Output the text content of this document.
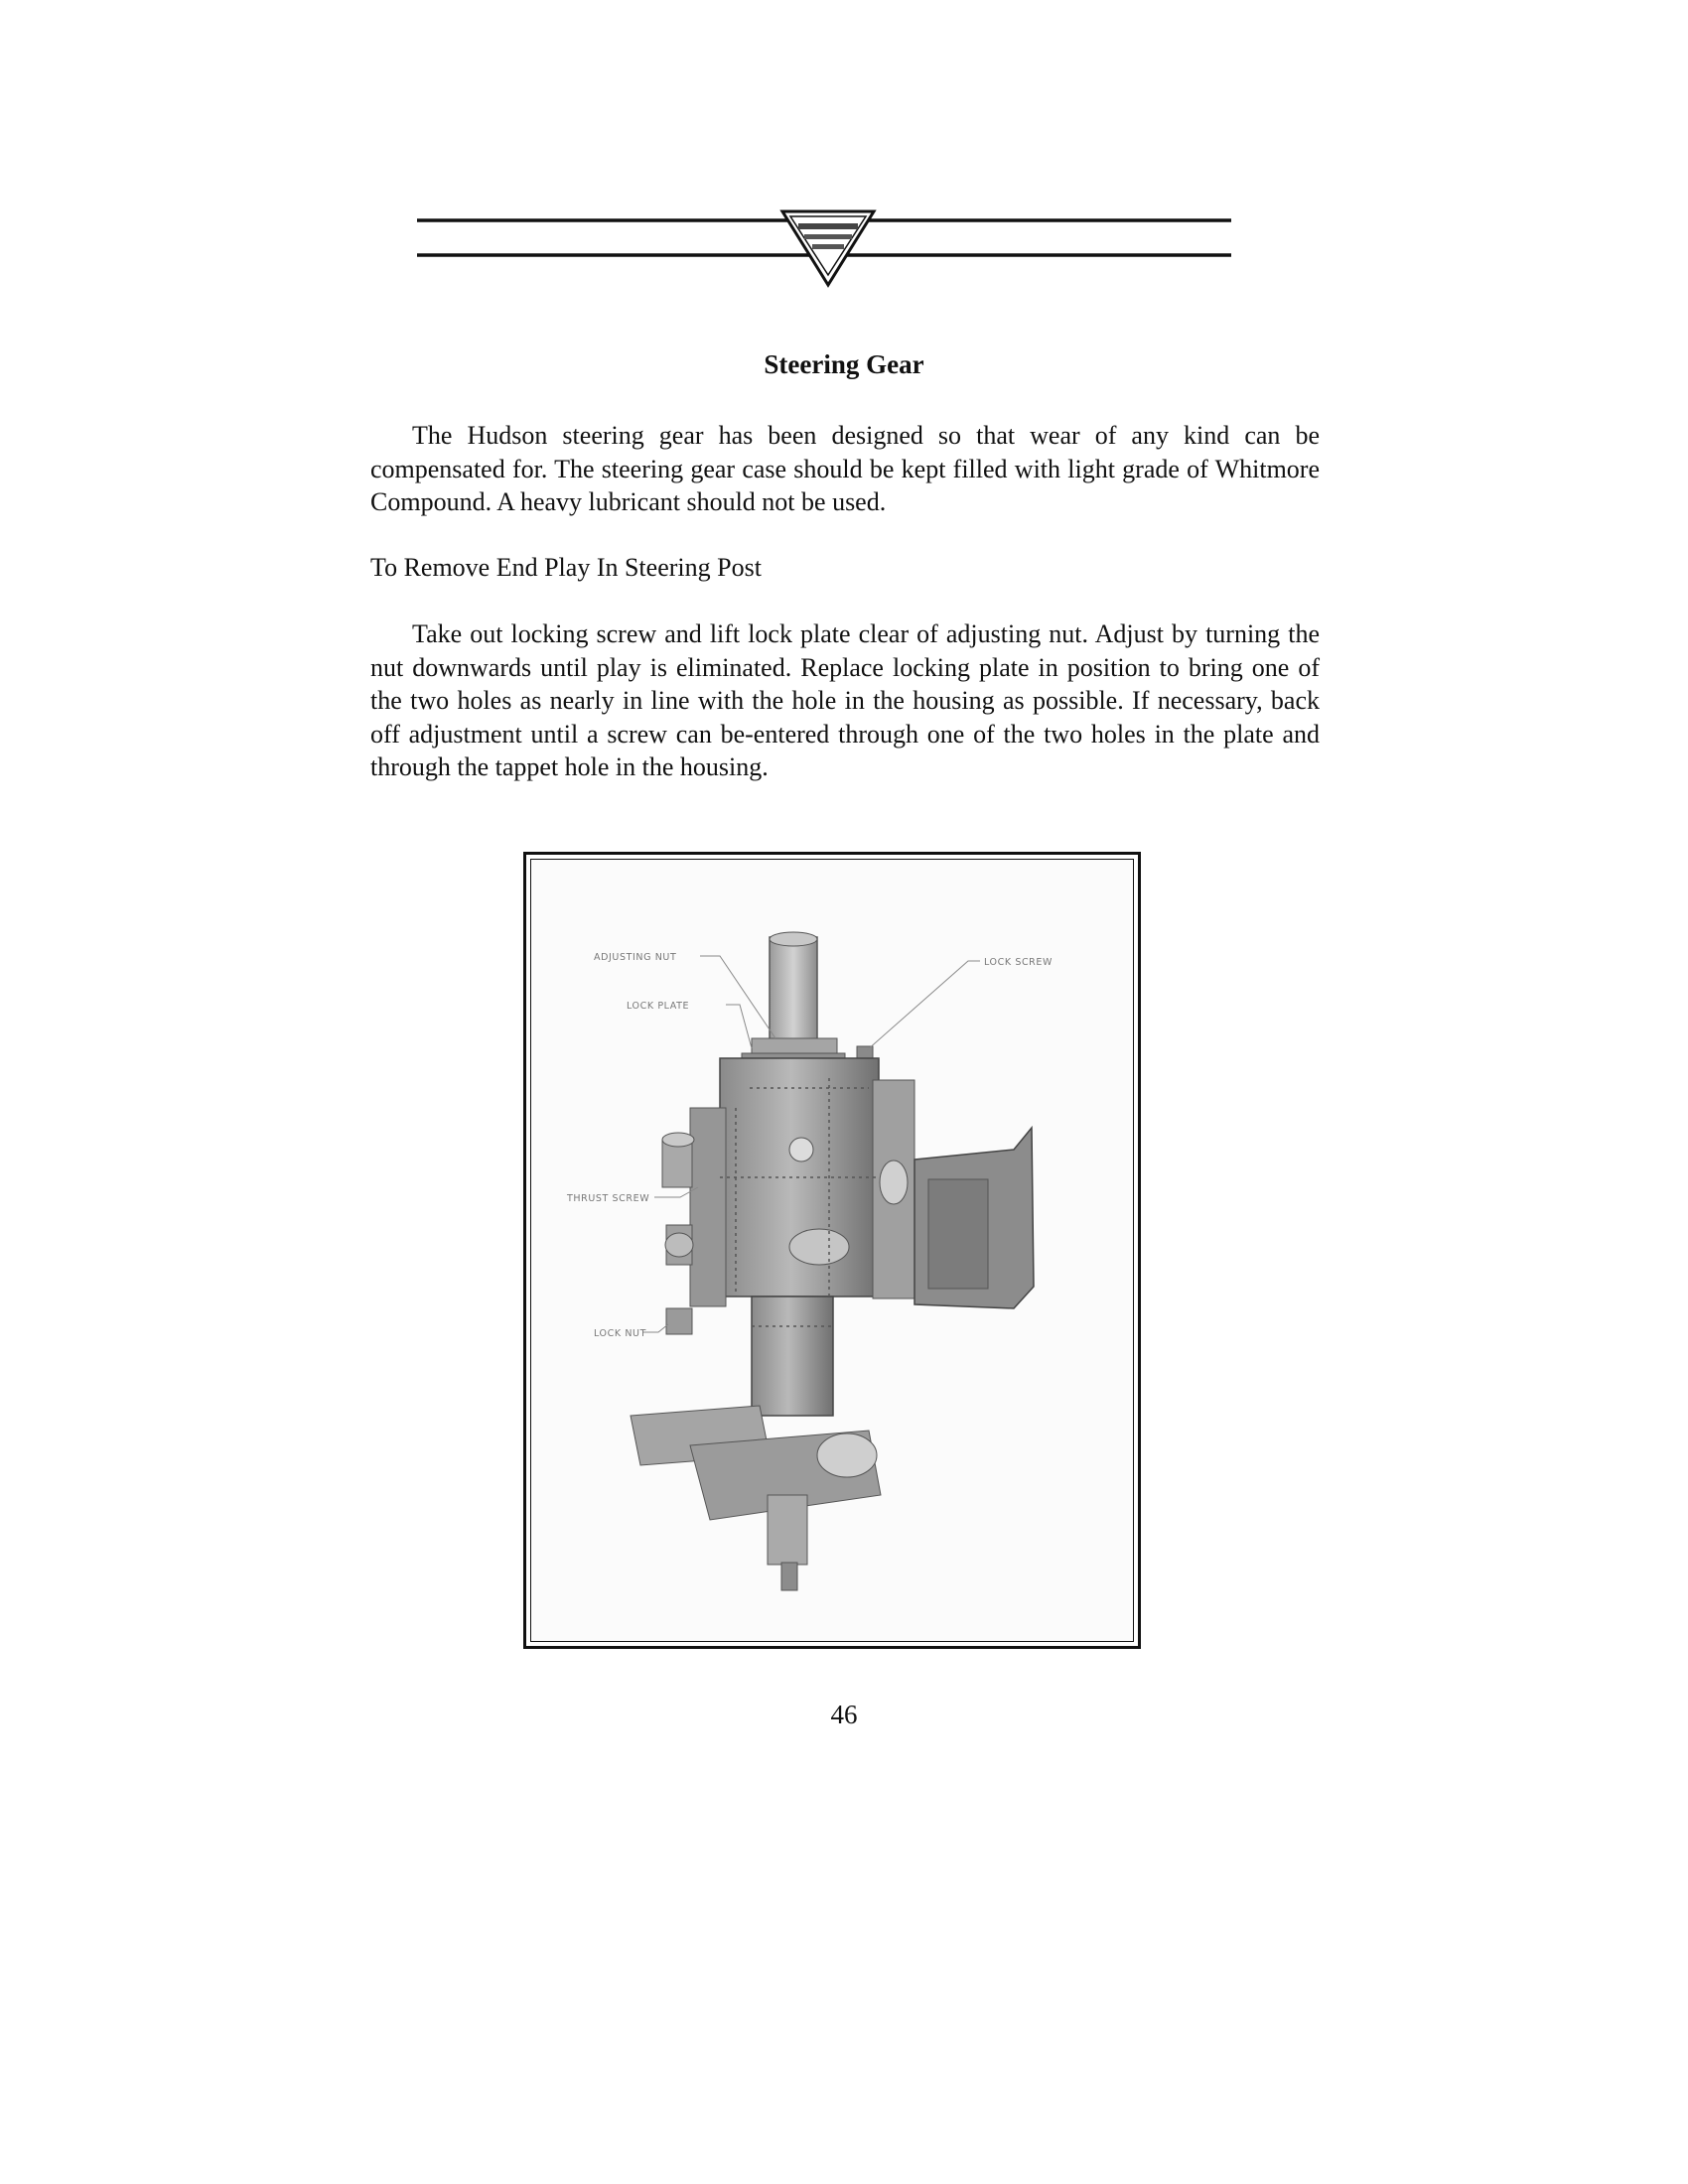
Steering Gear

The Hudson steering gear has been designed so that wear of any kind can be compensated for. The steering gear case should be kept filled with light grade of Whitmore Compound. A heavy lubricant should not be used.

To Remove End Play In Steering Post

Take out locking screw and lift lock plate clear of adjusting nut. Adjust by turning the nut downwards until play is eliminated. Replace locking plate in position to bring one of the two holes as nearly in line with the hole in the housing as possible. If necessary, back off adjustment until a screw can be-entered through one of the two holes in the plate and through the tappet hole in the housing.

ADJUSTING NUT
LOCK PLATE
LOCK SCREW
THRUST SCREW
LOCK NUT
46
